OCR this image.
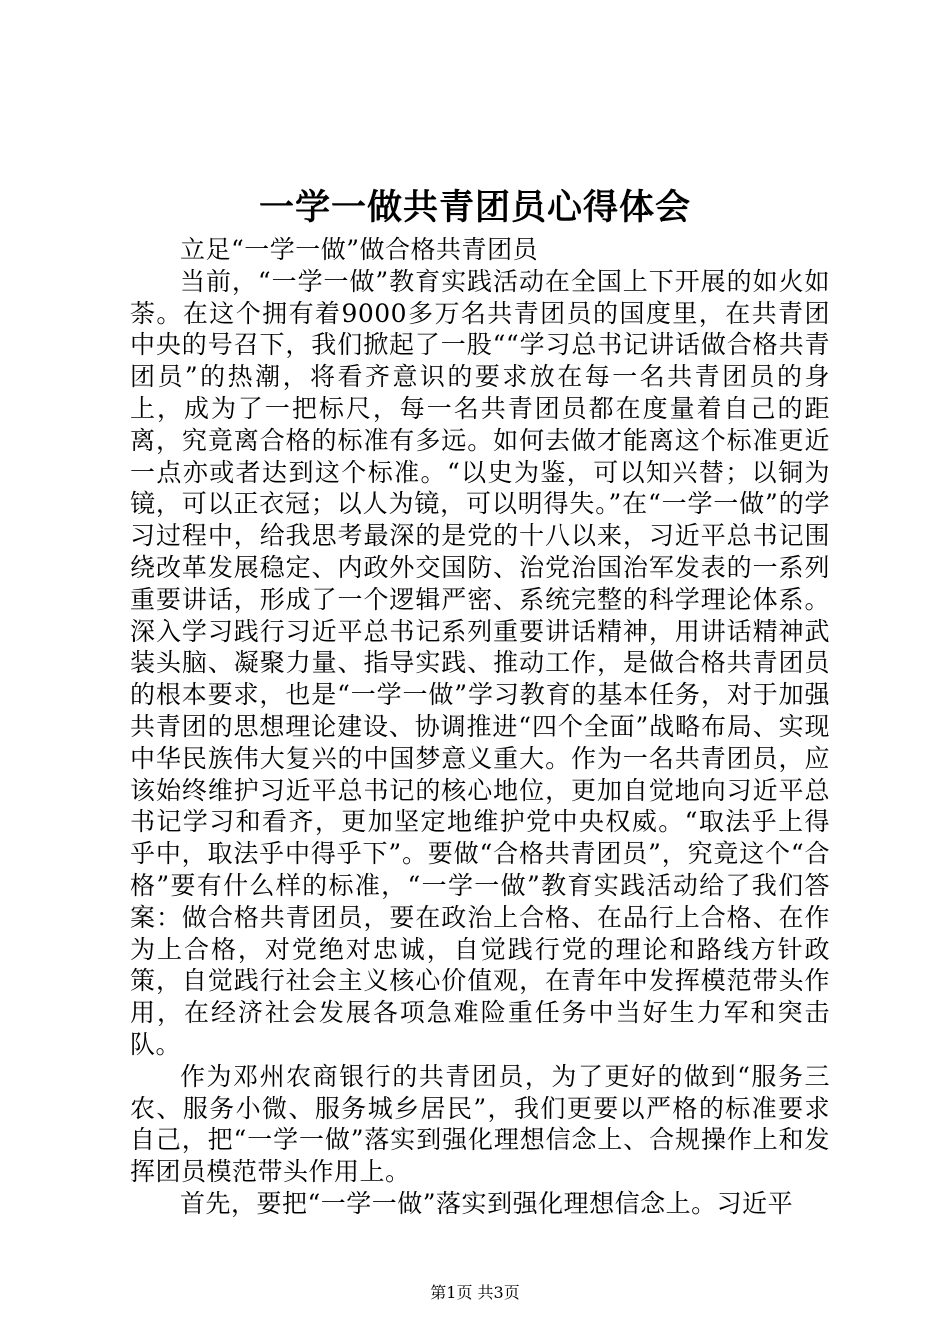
一学一做共青团员心得体会

立足“一学一做”做合格共青团员

当前，“一学一做”教育实践活动在全国上下开展的如火如荼。在这个拥有着9000多万名共青团员的国度里，在共青团中央的号召下，我们掀起了一股““学习总书记讲话做合格共青团员”的热潮，将看齐意识的要求放在每一名共青团员的身上，成为了一把标尺，每一名共青团员都在度量着自己的距离，究竟离合格的标准有多远。如何去做才能离这个标准更近一点亦或者达到这个标准。“以史为鉴，可以知兴替；以铜为镜，可以正衣冠；以人为镜，可以明得失。”在“一学一做”的学习过程中，给我思考最深的是党的十八以来，习近平总书记围绕改革发展稳定、内政外交国防、治党治国治军发表的一系列重要讲话，形成了一个逻辑严密、系统完整的科学理论体系。深入学习践行习近平总书记系列重要讲话精神，用讲话精神武装头脑、凝聚力量、指导实践、推动工作，是做合格共青团员的根本要求，也是“一学一做”学习教育的基本任务，对于加强共青团的思想理论建设、协调推进“四个全面”战略布局、实现中华民族伟大复兴的中国梦意义重大。作为一名共青团员，应该始终维护习近平总书记的核心地位，更加自觉地向习近平总书记学习和看齐，更加坚定地维护党中央权威。“取法乎上得乎中，取法乎中得乎下”。要做“合格共青团员”，究竟这个“合格”要有什么样的标准，“一学一做”教育实践活动给了我们答案：做合格共青团员，要在政治上合格、在品行上合格、在作为上合格，对党绝对忠诚，自觉践行党的理论和路线方针政策，自觉践行社会主义核心价值观，在青年中发挥模范带头作用，在经济社会发展各项急难险重任务中当好生力军和突击队。

作为邓州农商银行的共青团员，为了更好的做到“服务三农、服务小微、服务城乡居民”，我们更要以严格的标准要求自己，把“一学一做”落实到强化理想信念上、合规操作上和发挥团员模范带头作用上。

首先，要把“一学一做”落实到强化理想信念上。习近平

第1页 共3页
